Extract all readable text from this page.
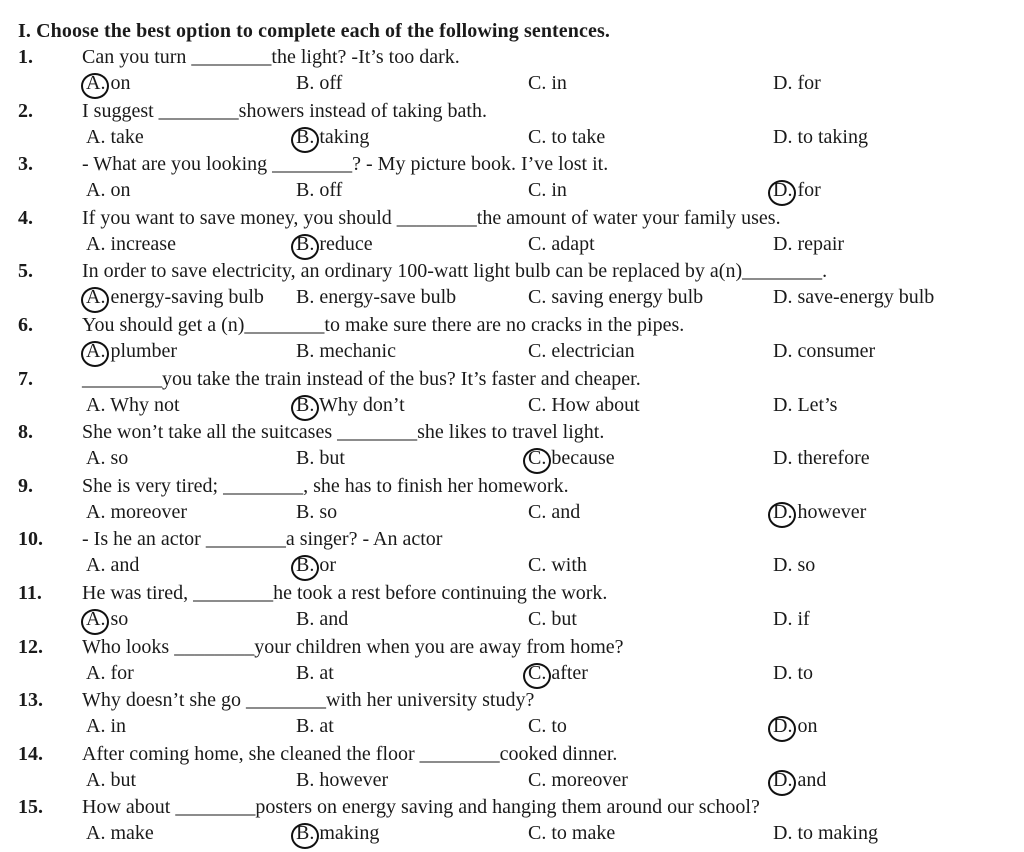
I. Choose the best option to complete each of the following sentences.
1. Can you turn ________the light? -It’s too dark.
A. on	B. off	C. in	D. for
2. I suggest ________showers instead of taking bath.
A. take	B. taking	C. to take	D. to taking
3. - What are you looking ________? - My picture book. I’ve lost it.
A. on	B. off	C. in	D. for
4. If you want to save money, you should ________the amount of water your family uses.
A. increase	B. reduce	C. adapt	D. repair
5. In order to save electricity, an ordinary 100-watt light bulb can be replaced by a(n)________.
A. energy-saving bulb B. energy-save bulb	C. saving energy bulb	D. save-energy bulb
6. You should get a (n)________to make sure there are no cracks in the pipes.
A. plumber	B. mechanic	C. electrician	D. consumer
7. ________you take the train instead of the bus? It’s faster and cheaper.
A. Why not	B. Why don’t	C. How about	D. Let’s
8. She won’t take all the suitcases ________she likes to travel light.
A. so	B. but	C. because	D. therefore
9. She is very tired; ________, she has to finish her homework.
A. moreover	B. so	C. and	D. however
10. - Is he an actor ________a singer? - An actor
A. and	B. or	C. with	D. so
11. He was tired, ________he took a rest before continuing the work.
A. so	B. and	C. but	D. if
12. Who looks ________your children when you are away from home?
A. for	B. at	C. after	D. to
13. Why doesn’t she go ________with her university study?
A. in	B. at	C. to	D. on
14. After coming home, she cleaned the floor ________cooked dinner.
A. but	B. however	C. moreover	D. and
15. How about ________posters on energy saving and hanging them around our school?
A. make	B. making	C. to make	D. to making
